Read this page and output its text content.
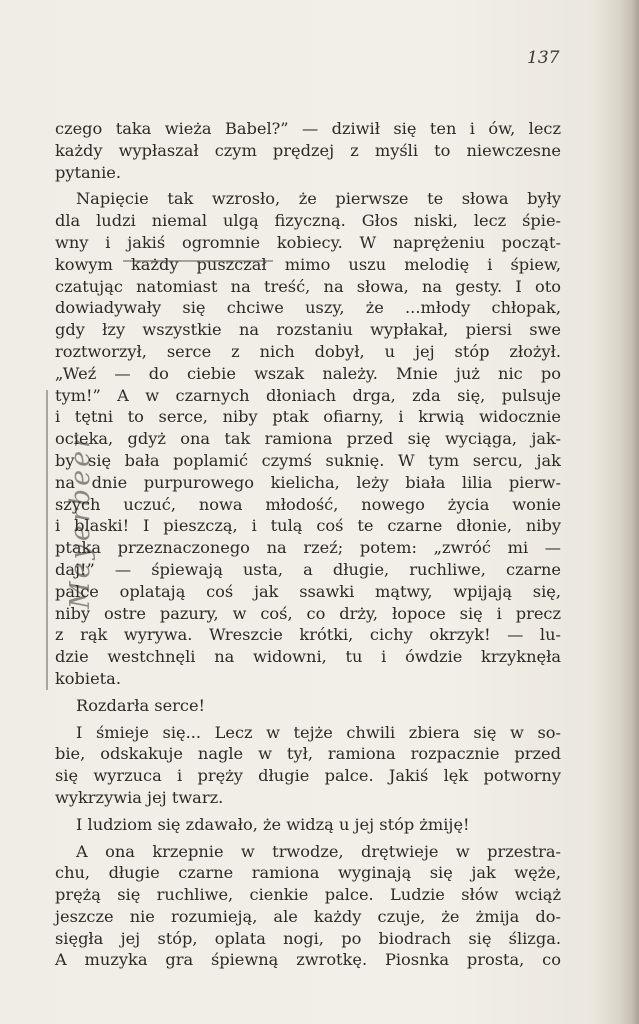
137
Meyerbeer
czego taka wieża Babel?” — dziwił się ten i ów, lecz
każdy wypłaszał czym prędzej z myśli to niewczesne
pytanie.
Napięcie tak wzrosło, że pierwsze te słowa były
dla ludzi niemal ulgą fizyczną. Głos niski, lecz śpie-
wny i jakiś ogromnie kobiecy. W naprężeniu począt-
kowym każdy puszczał mimo uszu melodię i śpiew,
czatując natomiast na treść, na słowa, na gesty. I oto
dowiadywały się chciwe uszy, że ...młody chłopak,
gdy łzy wszystkie na rozstaniu wypłakał, piersi swe
roztworzył, serce z nich dobył, u jej stóp złożył.
„Weź — do ciebie wszak należy. Mnie już nic po
tym!” A w czarnych dłoniach drga, zda się, pulsuje
i tętni to serce, niby ptak ofiarny, i krwią widocznie
ocieka, gdyż ona tak ramiona przed się wyciąga, jak-
by się bała poplamić czymś suknię. W tym sercu, jak
na dnie purpurowego kielicha, leży biała lilia pierw-
szych uczuć, nowa młodość, nowego życia wonie
i blaski! I pieszczą, i tulą coś te czarne dłonie, niby
ptaka przeznaczonego na rzeź; potem: „zwróć mi —
daj!” — śpiewają usta, a długie, ruchliwe, czarne
palce oplatają coś jak ssawki mątwy, wpijają się,
niby ostre pazury, w coś, co drży, łopoce się i precz
z rąk wyrywa. Wreszcie krótki, cichy okrzyk! — lu-
dzie westchnęli na widowni, tu i ówdzie krzyknęła
kobieta.
Rozdarła serce!
I śmieje się... Lecz w tejże chwili zbiera się w so-
bie, odskakuje nagle w tył, ramiona rozpacznie przed
się wyrzuca i pręży długie palce. Jakiś lęk potworny
wykrzywia jej twarz.
I ludziom się zdawało, że widzą u jej stóp żmiję!
A ona krzepnie w trwodze, drętwieje w przestra-
chu, długie czarne ramiona wyginają się jak węże,
prężą się ruchliwe, cienkie palce. Ludzie słów wciąż
jeszcze nie rozumieją, ale każdy czuje, że żmija do-
sięgła jej stóp, oplata nogi, po biodrach się ślizga.
A muzyka gra śpiewną zwrotkę. Piosnka prosta, co
